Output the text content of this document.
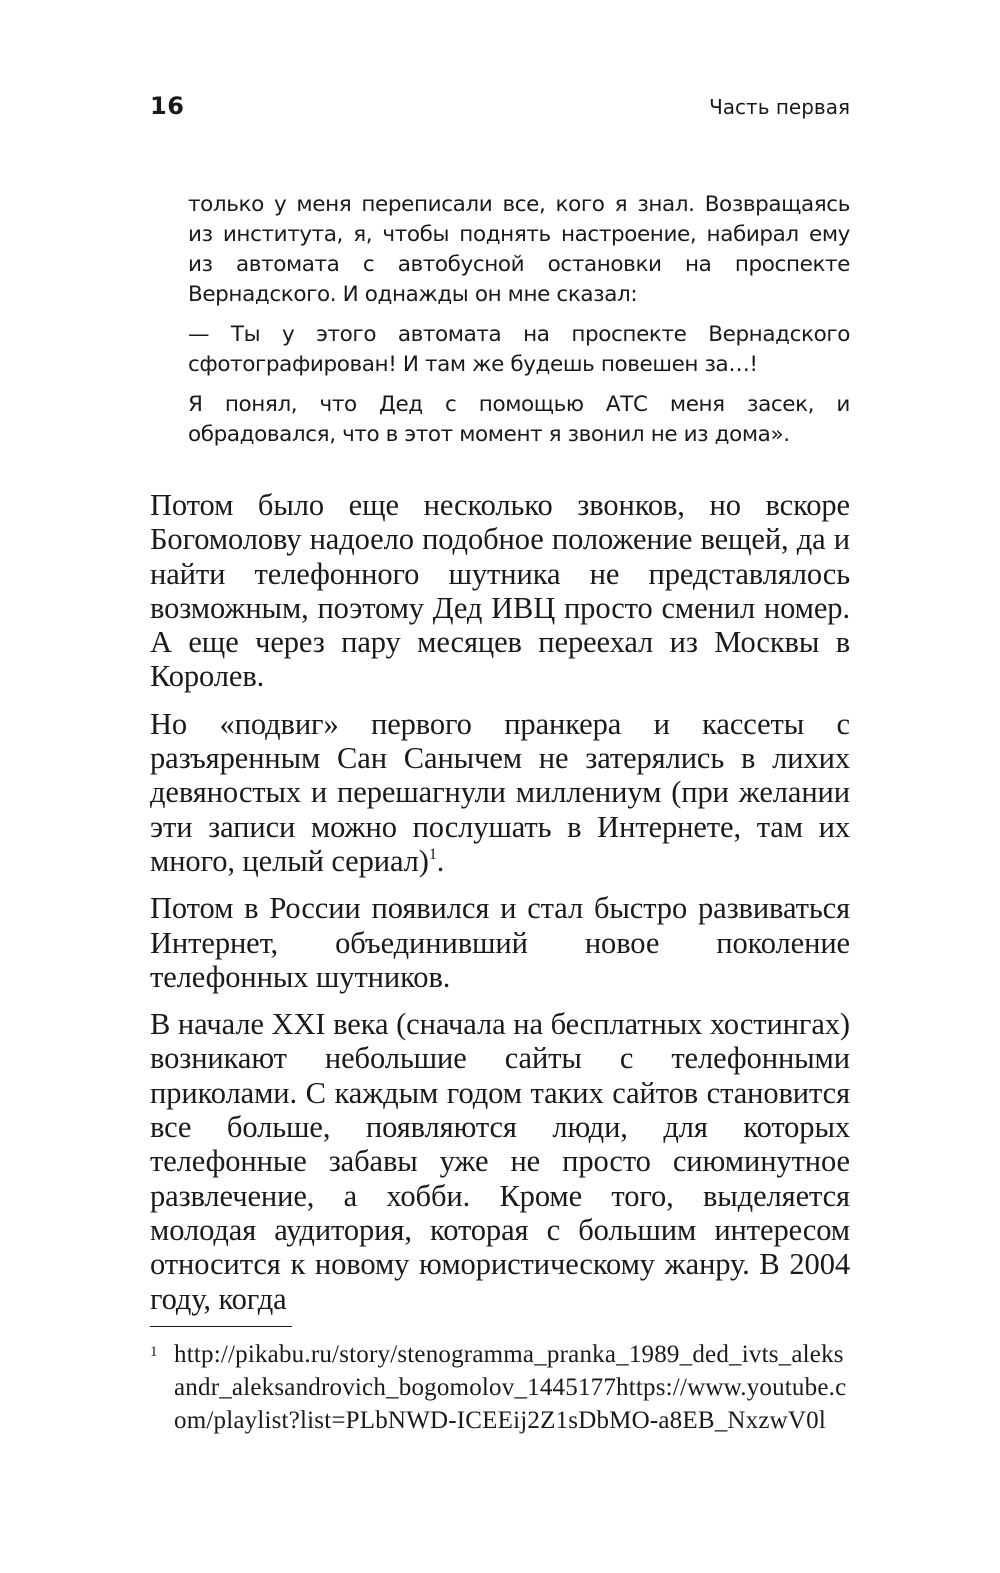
16	Часть первая

только у меня переписали все, кого я знал. Возвращаясь из института, я, чтобы поднять настроение, набирал ему из автомата с автобусной остановки на проспекте Вернадского. И однажды он мне сказал:

— Ты у этого автомата на проспекте Вернадского сфотографирован! И там же будешь повешен за…!

Я понял, что Дед с помощью АТС меня засек, и обрадовался, что в этот момент я звонил не из дома».

Потом было еще несколько звонков, но вскоре Богомолову надоело подобное положение вещей, да и найти телефонного шутника не представлялось возможным, поэтому Дед ИВЦ просто сменил номер. А еще через пару месяцев переехал из Москвы в Королев.

Но «подвиг» первого пранкера и кассеты с разъяренным Сан Санычем не затерялись в лихих девяностых и перешагнули миллениум (при желании эти записи можно послушать в Интернете, там их много, целый сериал)$^1$.

Потом в России появился и стал быстро развиваться Интернет, объединивший новое поколение телефонных шутников.

В начале XXI века (сначала на бесплатных хостингах) возникают небольшие сайты с телефонными приколами. С каждым годом таких сайтов становится все больше, появляются люди, для которых телефонные забавы уже не просто сиюминутное развлечение, а хобби. Кроме того, выделяется молодая аудитория, которая с большим интересом относится к новому юмористическому жанру. В 2004 году, когда

1 http://pikabu.ru/story/stenogramma_pranka_1989_ded_ivts_aleksandr_aleksandrovich_bogomolov_1445177https://www.youtube.com/playlist?list=PLbNWD-ICEEij2Z1sDbMO-a8EB_NxzwV0l
